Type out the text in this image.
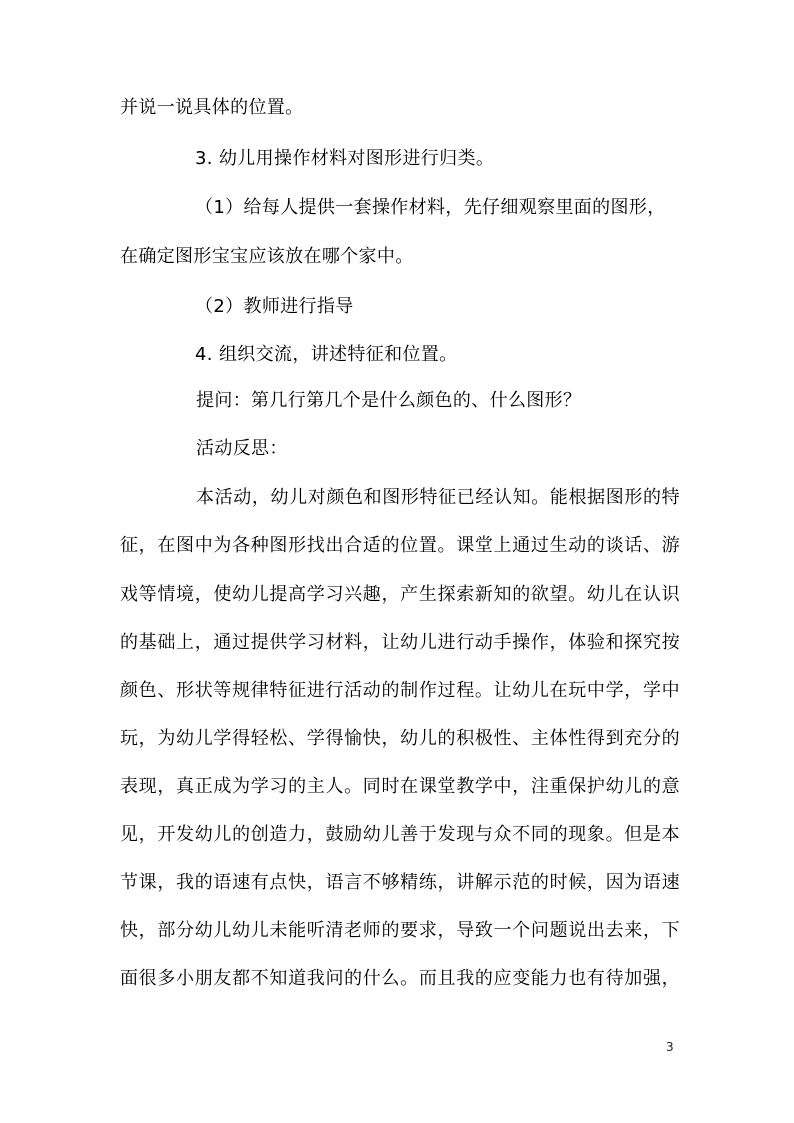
并说一说具体的位置。
3. 幼儿用操作材料对图形进行归类。
（1）给每人提供一套操作材料，先仔细观察里面的图形，
在确定图形宝宝应该放在哪个家中。
（2）教师进行指导
4. 组织交流，讲述特征和位置。
提问：第几行第几个是什么颜色的、什么图形？
活动反思：
本活动，幼儿对颜色和图形特征已经认知。能根据图形的特
征，在图中为各种图形找出合适的位置。课堂上通过生动的谈话、游
戏等情境，使幼儿提高学习兴趣，产生探索新知的欲望。幼儿在认识
的基础上，通过提供学习材料，让幼儿进行动手操作，体验和探究按
颜色、形状等规律特征进行活动的制作过程。让幼儿在玩中学，学中
玩，为幼儿学得轻松、学得愉快，幼儿的积极性、主体性得到充分的
表现，真正成为学习的主人。同时在课堂教学中，注重保护幼儿的意
见，开发幼儿的创造力，鼓励幼儿善于发现与众不同的现象。但是本
节课，我的语速有点快，语言不够精练，讲解示范的时候，因为语速
快，部分幼儿幼儿未能听清老师的要求，导致一个问题说出去来，下
面很多小朋友都不知道我问的什么。而且我的应变能力也有待加强，
3
